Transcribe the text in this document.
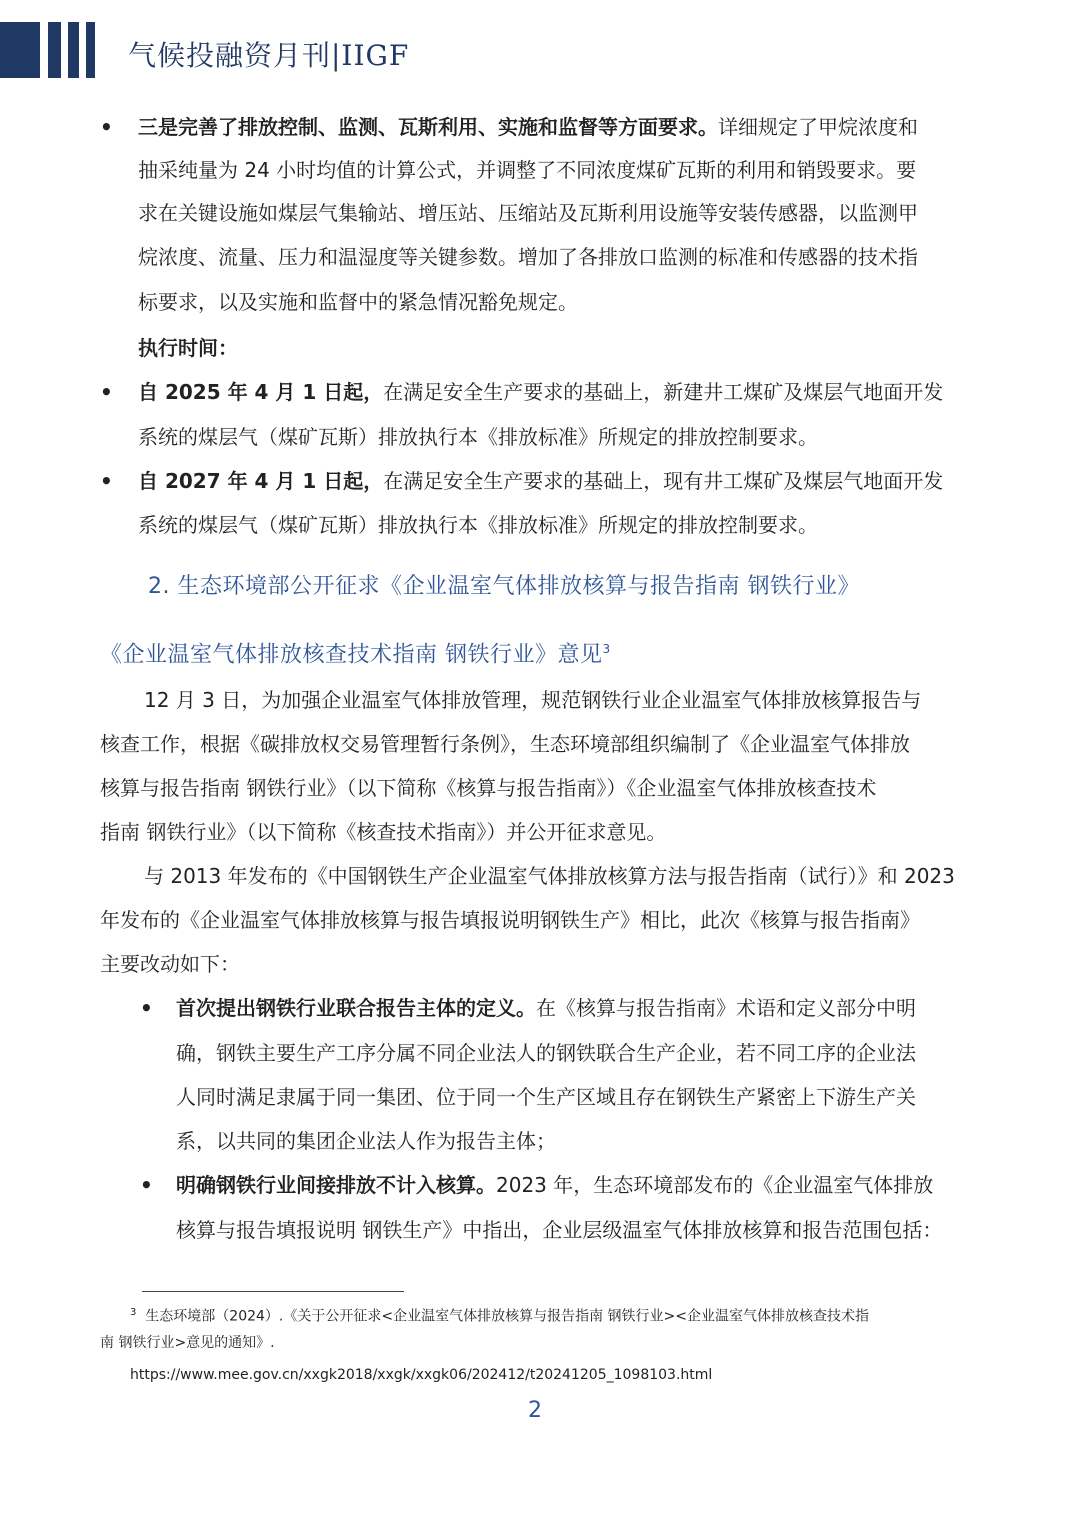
气候投融资月刊|IIGF
• 三是完善了排放控制、监测、瓦斯利用、实施和监督等方面要求。详细规定了甲烷浓度和
抽采纯量为 24 小时均值的计算公式，并调整了不同浓度煤矿瓦斯的利用和销毁要求。要
求在关键设施如煤层气集输站、增压站、压缩站及瓦斯利用设施等安装传感器，以监测甲
烷浓度、流量、压力和温湿度等关键参数。增加了各排放口监测的标准和传感器的技术指
标要求，以及实施和监督中的紧急情况豁免规定。
执行时间：
• 自 2025 年 4 月 1 日起，在满足安全生产要求的基础上，新建井工煤矿及煤层气地面开发
系统的煤层气（煤矿瓦斯）排放执行本《排放标准》所规定的排放控制要求。
• 自 2027 年 4 月 1 日起，在满足安全生产要求的基础上，现有井工煤矿及煤层气地面开发
系统的煤层气（煤矿瓦斯）排放执行本《排放标准》所规定的排放控制要求。
2. 生态环境部公开征求《企业温室气体排放核算与报告指南 钢铁行业》
《企业温室气体排放核查技术指南 钢铁行业》意见$^3$
12 月 3 日，为加强企业温室气体排放管理，规范钢铁行业企业温室气体排放核算报告与
核查工作，根据《碳排放权交易管理暂行条例》，生态环境部组织编制了《企业温室气体排放
核算与报告指南 钢铁行业》（以下简称《核算与报告指南》）《企业温室气体排放核查技术
指南 钢铁行业》（以下简称《核查技术指南》）并公开征求意见。
与 2013 年发布的《中国钢铁生产企业温室气体排放核算方法与报告指南（试行）》和 2023
年发布的《企业温室气体排放核算与报告填报说明钢铁生产》相比，此次《核算与报告指南》
主要改动如下：
• 首次提出钢铁行业联合报告主体的定义。在《核算与报告指南》术语和定义部分中明
确，钢铁主要生产工序分属不同企业法人的钢铁联合生产企业，若不同工序的企业法
人同时满足隶属于同一集团、位于同一个生产区域且存在钢铁生产紧密上下游生产关
系，以共同的集团企业法人作为报告主体；
• 明确钢铁行业间接排放不计入核算。2023 年，生态环境部发布的《企业温室气体排放
核算与报告填报说明 钢铁生产》中指出，企业层级温室气体排放核算和报告范围包括：
$^3$ 生态环境部（2024）.《关于公开征求<企业温室气体排放核算与报告指南 钢铁行业><企业温室气体排放核查技术指
南 钢铁行业>意见的通知》.
https://www.mee.gov.cn/xxgk2018/xxgk/xxgk06/202412/t20241205_1098103.html
2
